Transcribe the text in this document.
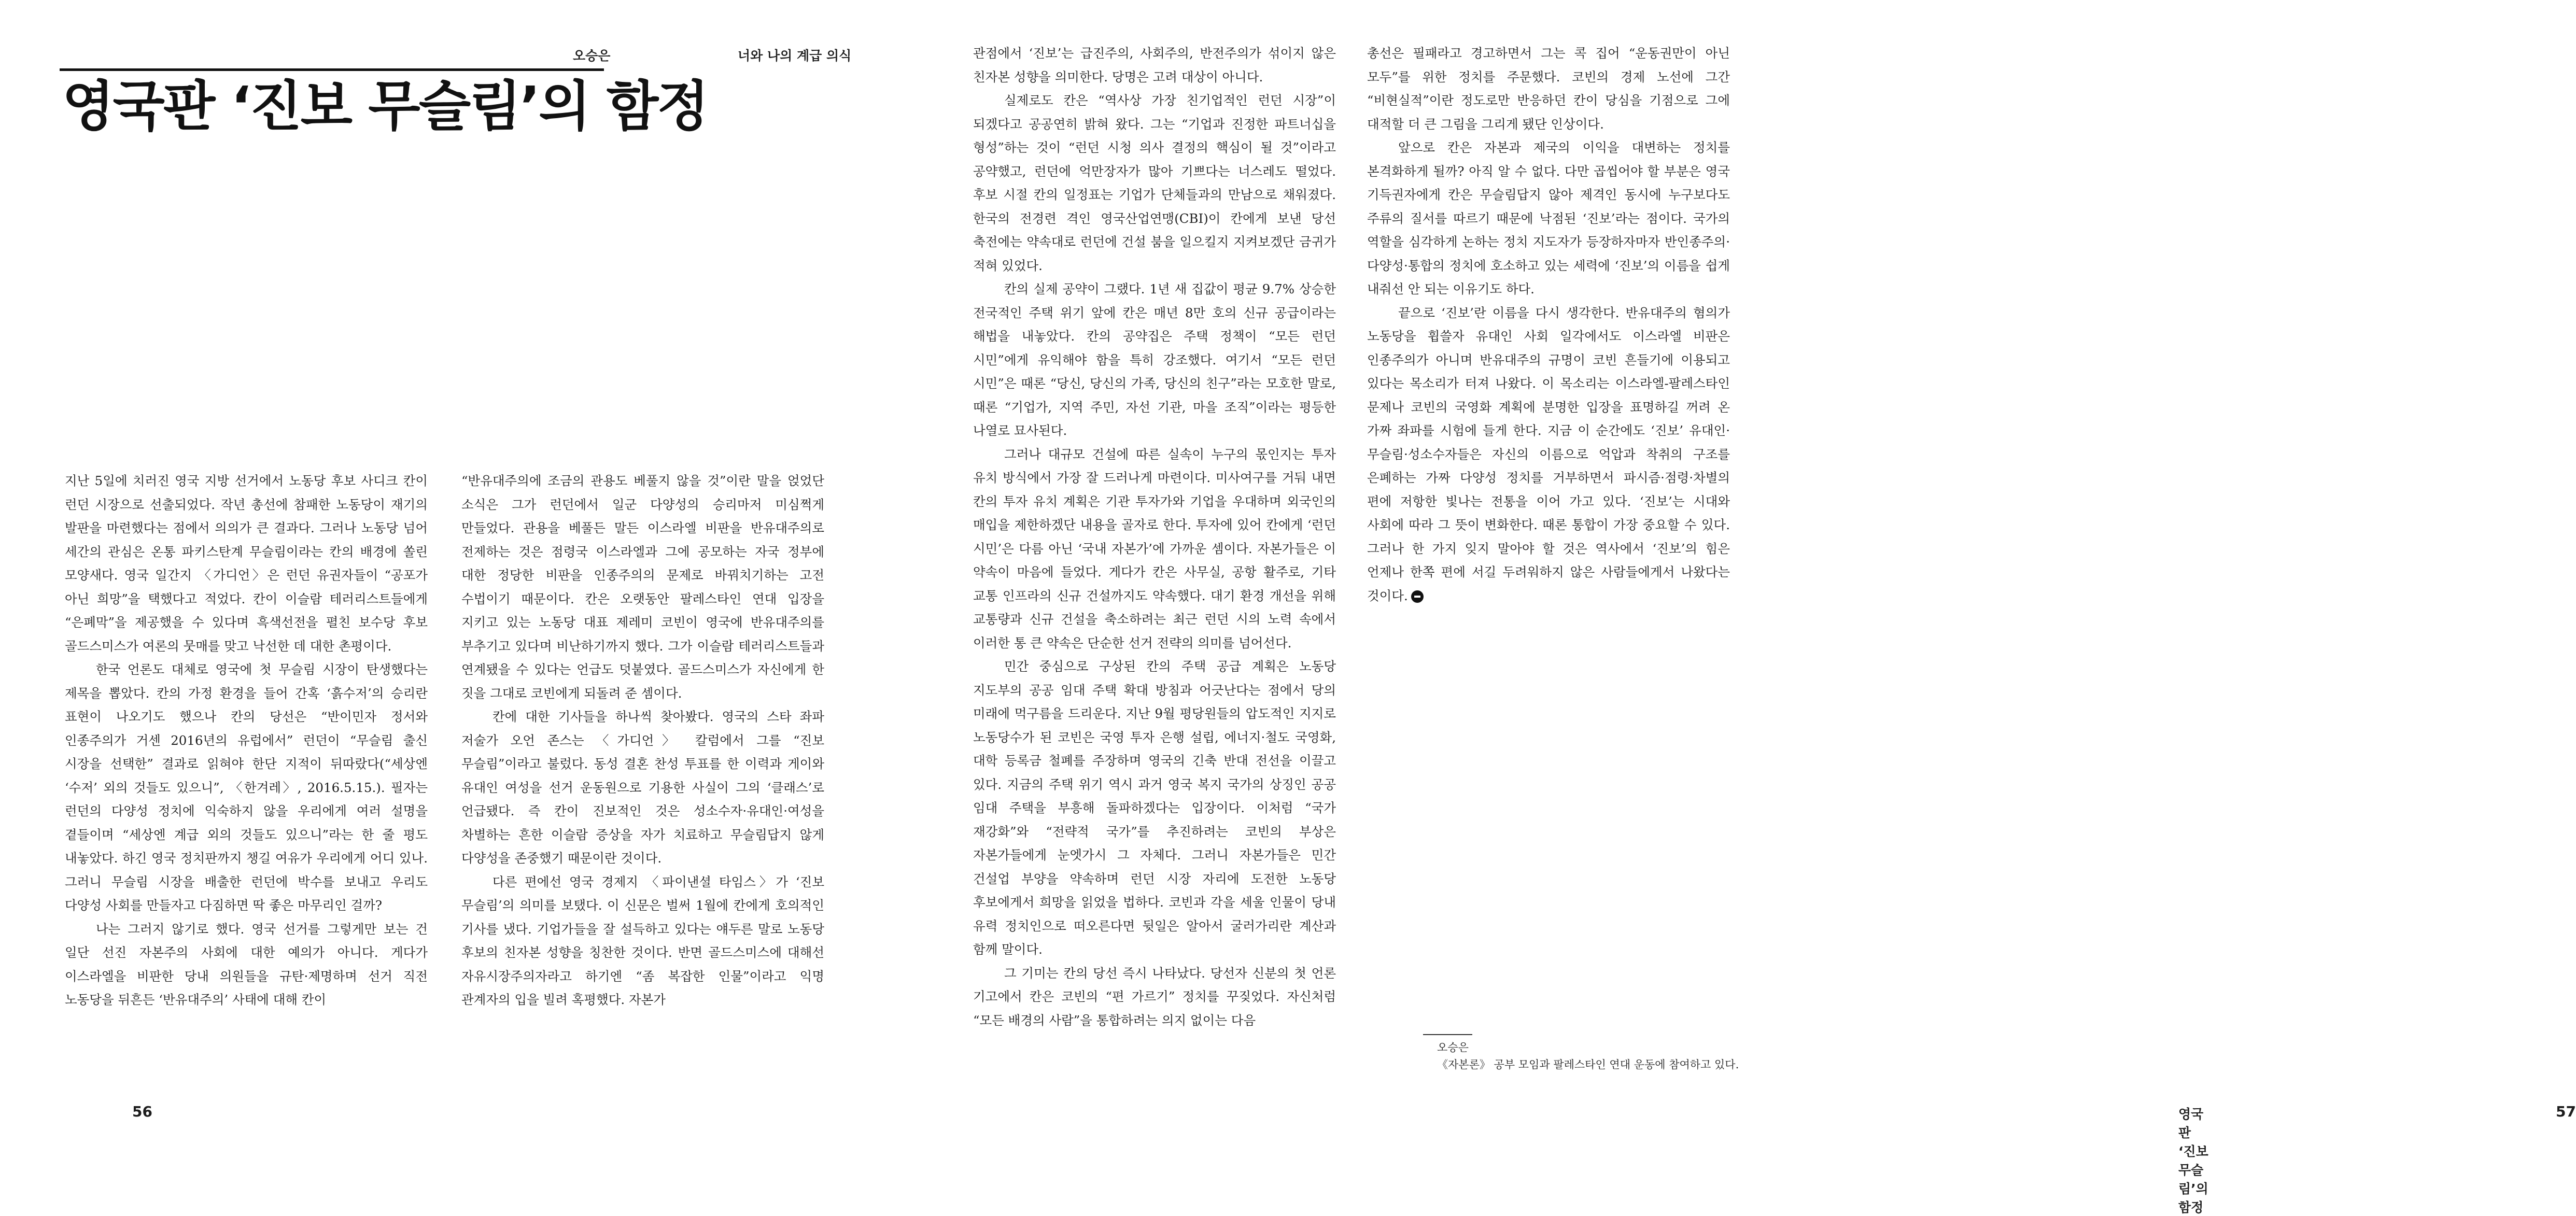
오승은	너와 나의 계급 의식
영국판 ‘진보 무슬림’의 함정

지난 5일에 치러진 영국 지방 선거에서 노동당 후보 사디크 칸이 런던 시장으로 선출되었다. 작년 총선에 참패한 노동당이 재기의 발판을 마련했다는 점에서 의의가 큰 결과다. 그러나 노동당 넘어 세간의 관심은 온통 파키스탄계 무슬림이라는 칸의 배경에 쏠린 모양새다. 영국 일간지 〈가디언〉은 런던 유권자들이 “공포가 아닌 희망”을 택했다고 적었다. 칸이 이슬람 테러리스트들에게 “은폐막”을 제공했을 수 있다며 흑색선전을 펼친 보수당 후보 골드스미스가 여론의 뭇매를 맞고 낙선한 데 대한 촌평이다.

한국 언론도 대체로 영국에 첫 무슬림 시장이 탄생했다는 제목을 뽑았다. 칸의 가정 환경을 들어 간혹 ‘흙수저’의 승리란 표현이 나오기도 했으나 칸의 당선은 “반이민자 정서와 인종주의가 거센 2016년의 유럽에서” 런던이 “무슬림 출신 시장을 선택한” 결과로 읽혀야 한단 지적이 뒤따랐다(“세상엔 ‘수저’ 외의 것들도 있으니”, 〈한겨레〉, 2016.5.15.). 필자는 런던의 다양성 정치에 익숙하지 않을 우리에게 여러 설명을 곁들이며 “세상엔 계급 외의 것들도 있으니”라는 한 줄 평도 내놓았다. 하긴 영국 정치판까지 챙길 여유가 우리에게 어디 있나. 그러니 무슬림 시장을 배출한 런던에 박수를 보내고 우리도 다양성 사회를 만들자고 다짐하면 딱 좋은 마무리인 걸까?

나는 그러지 않기로 했다. 영국 선거를 그렇게만 보는 건 일단 선진 자본주의 사회에 대한 예의가 아니다. 게다가 이스라엘을 비판한 당내 의원들을 규탄·제명하며 선거 직전 노동당을 뒤흔든 ‘반유대주의’ 사태에 대해 칸이

“반유대주의에 조금의 관용도 베풀지 않을 것”이란 말을 얹었단 소식은 그가 런던에서 일군 다양성의 승리마저 미심쩍게 만들었다. 관용을 베풀든 말든 이스라엘 비판을 반유대주의로 전제하는 것은 점령국 이스라엘과 그에 공모하는 자국 정부에 대한 정당한 비판을 인종주의의 문제로 바꿔치기하는 고전 수법이기 때문이다. 칸은 오랫동안 팔레스타인 연대 입장을 지키고 있는 노동당 대표 제레미 코빈이 영국에 반유대주의를 부추기고 있다며 비난하기까지 했다. 그가 이슬람 테러리스트들과 연계됐을 수 있다는 언급도 덧붙였다. 골드스미스가 자신에게 한 짓을 그대로 코빈에게 되돌려 준 셈이다.

칸에 대한 기사들을 하나씩 찾아봤다. 영국의 스타 좌파 저술가 오언 존스는 〈가디언〉 칼럼에서 그를 “진보 무슬림”이라고 불렀다. 동성 결혼 찬성 투표를 한 이력과 게이와 유대인 여성을 선거 운동원으로 기용한 사실이 그의 ‘클래스’로 언급됐다. 즉 칸이 진보적인 것은 성소수자·유대인·여성을 차별하는 흔한 이슬람 증상을 자가 치료하고 무슬림답지 않게 다양성을 존중했기 때문이란 것이다.

다른 편에선 영국 경제지 〈파이낸셜 타임스〉가 ‘진보 무슬림’의 의미를 보탰다. 이 신문은 벌써 1월에 칸에게 호의적인 기사를 냈다. 기업가들을 잘 설득하고 있다는 얘두른 말로 노동당 후보의 친자본 성향을 칭찬한 것이다. 반면 골드스미스에 대해선 자유시장주의자라고 하기엔 “좀 복잡한 인물”이라고 익명 관계자의 입을 빌려 혹평했다. 자본가

56

관점에서 ‘진보’는 급진주의, 사회주의, 반전주의가 섞이지 않은 친자본 성향을 의미한다. 당명은 고려 대상이 아니다.

실제로도 칸은 “역사상 가장 친기업적인 런던 시장”이 되겠다고 공공연히 밝혀 왔다. 그는 “기업과 진정한 파트너십을 형성”하는 것이 “런던 시청 의사 결정의 핵심이 될 것”이라고 공약했고, 런던에 억만장자가 많아 기쁘다는 너스레도 떨었다. 후보 시절 칸의 일정표는 기업가 단체들과의 만남으로 채워졌다. 한국의 전경련 격인 영국산업연맹(CBI)이 칸에게 보낸 당선 축전에는 약속대로 런던에 건설 붐을 일으킬지 지켜보겠단 금귀가 적혀 있었다.

칸의 실제 공약이 그랬다. 1년 새 집값이 평균 9.7% 상승한 전국적인 주택 위기 앞에 칸은 매년 8만 호의 신규 공급이라는 해법을 내놓았다. 칸의 공약집은 주택 정책이 “모든 런던 시민”에게 유익해야 함을 특히 강조했다. 여기서 “모든 런던 시민”은 때론 “당신, 당신의 가족, 당신의 친구”라는 모호한 말로, 때론 “기업가, 지역 주민, 자선 기관, 마을 조직”이라는 평등한 나열로 묘사된다.

그러나 대규모 건설에 따른 실속이 누구의 몫인지는 투자 유치 방식에서 가장 잘 드러나게 마련이다. 미사여구를 거둬 내면 칸의 투자 유치 계획은 기관 투자가와 기업을 우대하며 외국인의 매입을 제한하겠단 내용을 골자로 한다. 투자에 있어 칸에게 ‘런던 시민’은 다름 아닌 ‘국내 자본가’에 가까운 셈이다. 자본가들은 이 약속이 마음에 들었다. 게다가 칸은 사무실, 공항 활주로, 기타 교통 인프라의 신규 건설까지도 약속했다. 대기 환경 개선을 위해 교통량과 신규 건설을 축소하려는 최근 런던 시의 노력 속에서 이러한 통 큰 약속은 단순한 선거 전략의 의미를 넘어선다.

민간 중심으로 구상된 칸의 주택 공급 계획은 노동당 지도부의 공공 임대 주택 확대 방침과 어긋난다는 점에서 당의 미래에 먹구름을 드리운다. 지난 9월 평당원들의 압도적인 지지로 노동당수가 된 코빈은 국영 투자 은행 설립, 에너지·철도 국영화, 대학 등록금 철폐를 주장하며 영국의 긴축 반대 전선을 이끌고 있다. 지금의 주택 위기 역시 과거 영국 복지 국가의 상징인 공공 임대 주택을 부흥해 돌파하겠다는 입장이다. 이처럼 “국가 재강화”와 “전략적 국가”를 추진하려는 코빈의 부상은 자본가들에게 눈엣가시 그 자체다. 그러니 자본가들은 민간 건설업 부양을 약속하며 런던 시장 자리에 도전한 노동당 후보에게서 희망을 읽었을 법하다. 코빈과 각을 세울 인물이 당내 유력 정치인으로 떠오른다면 뒷일은 알아서 굴러가리란 계산과 함께 말이다.

그 기미는 칸의 당선 즉시 나타났다. 당선자 신분의 첫 언론 기고에서 칸은 코빈의 “편 가르기” 정치를 꾸짖었다. 자신처럼 “모든 배경의 사람”을 통합하려는 의지 없이는 다음

총선은 필패라고 경고하면서 그는 콕 집어 “운동권만이 아닌 모두”를 위한 정치를 주문했다. 코빈의 경제 노선에 그간 “비현실적”이란 정도로만 반응하던 칸이 당심을 기점으로 그에 대적할 더 큰 그림을 그리게 됐단 인상이다.

앞으로 칸은 자본과 제국의 이익을 대변하는 정치를 본격화하게 될까? 아직 알 수 없다. 다만 곱씹어야 할 부분은 영국 기득권자에게 칸은 무슬림답지 않아 제격인 동시에 누구보다도 주류의 질서를 따르기 때문에 낙점된 ‘진보’라는 점이다. 국가의 역할을 심각하게 논하는 정치 지도자가 등장하자마자 반인종주의·다양성·통합의 정치에 호소하고 있는 세력에 ‘진보’의 이름을 쉽게 내줘선 안 되는 이유기도 하다.

끝으로 ‘진보’란 이름을 다시 생각한다. 반유대주의 혐의가 노동당을 휩쓸자 유대인 사회 일각에서도 이스라엘 비판은 인종주의가 아니며 반유대주의 규명이 코빈 흔들기에 이용되고 있다는 목소리가 터져 나왔다. 이 목소리는 이스라엘-팔레스타인 문제나 코빈의 국영화 계획에 분명한 입장을 표명하길 꺼려 온 가짜 좌파를 시험에 들게 한다. 지금 이 순간에도 ‘진보’ 유대인·무슬림·성소수자들은 자신의 이름으로 억압과 착취의 구조를 은폐하는 가짜 다양성 정치를 거부하면서 파시즘·점령·차별의 편에 저항한 빛나는 전통을 이어 가고 있다. ‘진보’는 시대와 사회에 따라 그 뜻이 변화한다. 때론 통합이 가장 중요할 수 있다. 그러나 한 가지 잊지 말아야 할 것은 역사에서 ‘진보’의 힘은 언제나 한쪽 편에 서길 두려워하지 않은 사람들에게서 나왔다는 것이다.

영국판 ‘진보 무슬림’의 함정
57
오승은
《자본론》 공부 모임과 팔레스타인 연대 운동에 참여하고 있다.
